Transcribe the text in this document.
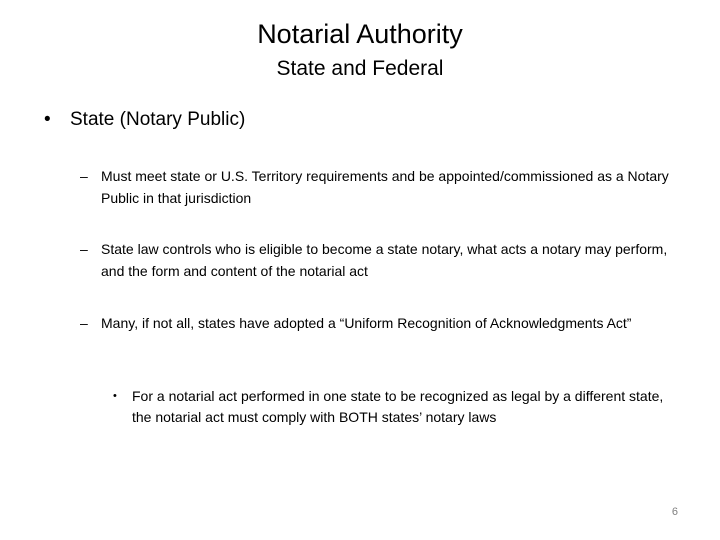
Notarial Authority
State and Federal
• State (Notary Public)
– Must meet state or U.S. Territory requirements and be appointed/commissioned as a Notary Public in that jurisdiction
– State law controls who is eligible to become a state notary, what acts a notary may perform, and the form and content of the notarial act
– Many, if not all, states have adopted a “Uniform Recognition of Acknowledgments Act”
• For a notarial act performed in one state to be recognized as legal by a different state, the notarial act must comply with BOTH states’ notary laws
6
